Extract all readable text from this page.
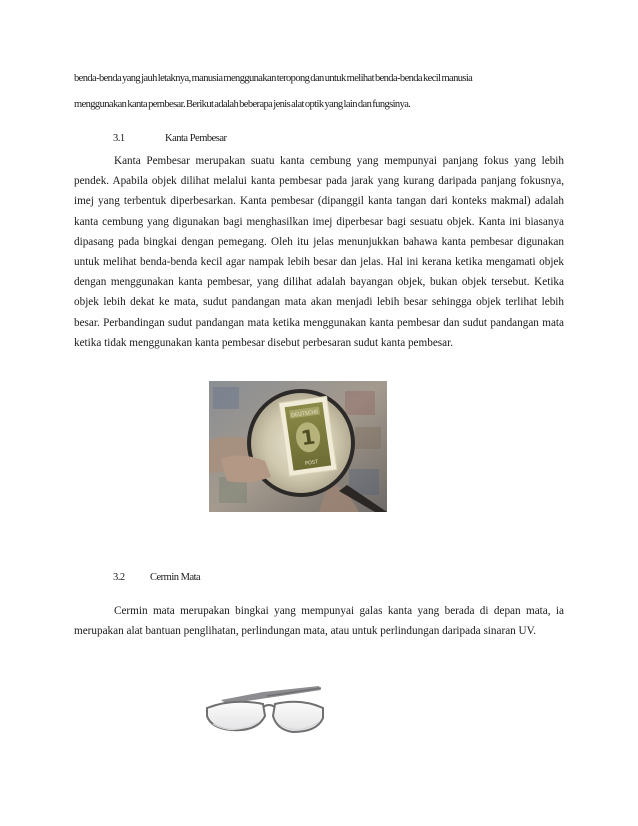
benda-benda yang jauh letaknya, manusia menggunakan teropong dan untuk melihat benda-benda kecil manusia
menggunakan kanta pembesar. Berikut adalah beberapa jenis alat optik yang lain dan fungsinya.
3.1	Kanta Pembesar

Kanta Pembesar merupakan suatu kanta cembung yang mempunyai panjang fokus yang lebih pendek. Apabila objek dilihat melalui kanta pembesar pada jarak yang kurang daripada panjang fokusnya, imej yang terbentuk diperbesarkan. Kanta pembesar (dipanggil kanta tangan dari konteks makmal) adalah kanta cembung yang digunakan bagi menghasilkan imej diperbesar bagi sesuatu objek. Kanta ini biasanya dipasang pada bingkai dengan pemegang. Oleh itu jelas menunjukkan bahawa kanta pembesar digunakan untuk melihat benda-benda kecil agar nampak lebih besar dan jelas. Hal ini kerana ketika mengamati objek dengan menggunakan kanta pembesar, yang dilihat adalah bayangan objek, bukan objek tersebut. Ketika objek lebih dekat ke mata, sudut pandangan mata akan menjadi lebih besar sehingga objek terlihat lebih besar. Perbandingan sudut pandangan mata ketika menggunakan kanta pembesar dan sudut pandangan mata ketika tidak menggunakan kanta pembesar disebut perbesaran sudut kanta pembesar.

DEUTSCHE
1
POST
3.2 Cermin Mata

Cermin mata merupakan bingkai yang mempunyai galas kanta yang berada di depan mata, ia merupakan alat bantuan penglihatan, perlindungan mata, atau untuk perlindungan daripada sinaran UV.
